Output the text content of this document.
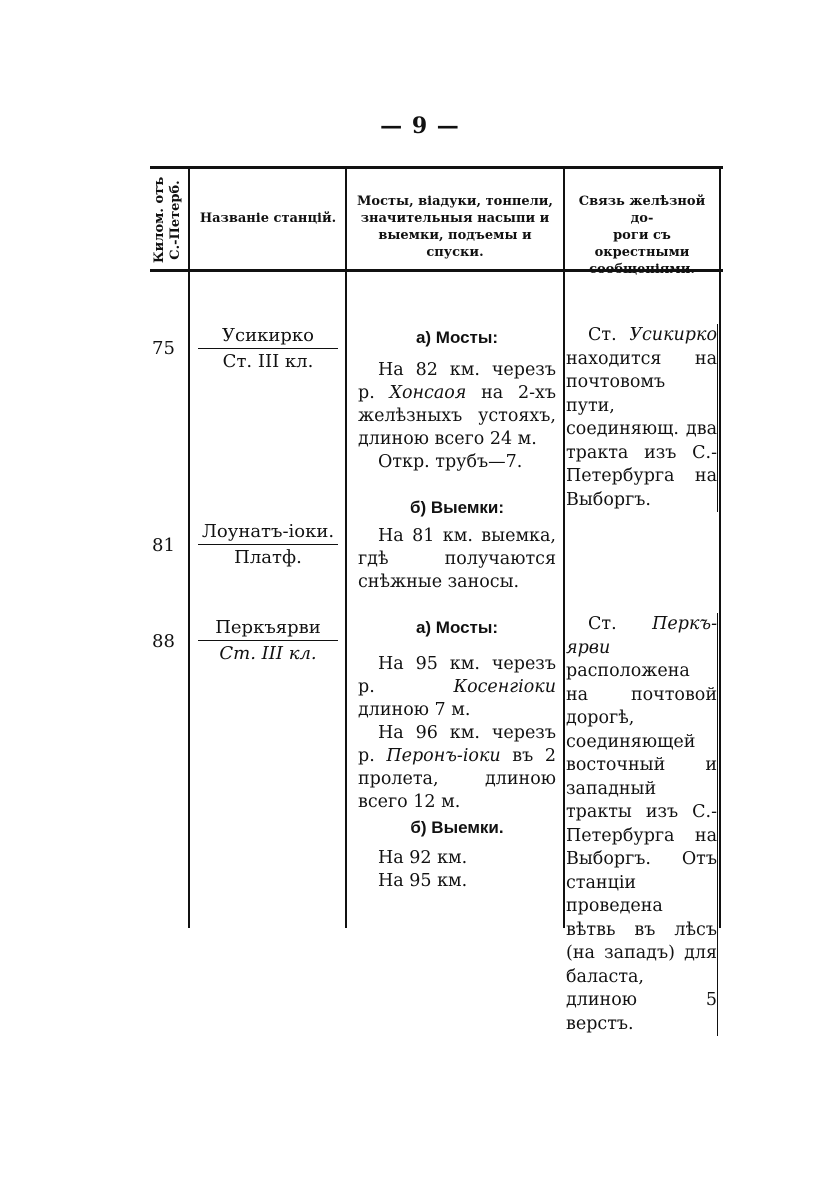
— 9 —
Килом. отъ С.-Петерб.	Названіе станцій.
Мосты, віадуки, тонпели,
значительныя насыпи и
выемки, подъемы и спуски.
Связь желѣзной до-
роги съ окрестными
сообщеніями.
75
Усикирко
Ст. III кл.
а) Мосты:
На 82 км. черезъ р. Хонсаоя на 2-хъ желѣзныхъ устояхъ, длиною всего 24 м.
Откр. трубъ—7.
б) Выемки:
Ст. Усикирко находится на почтовомъ пути, соединяющ. два тракта изъ С.-Петербурга на Выборгъ.
81
Лоунатъ-іоки.
Платф.
На 81 км. выемка, гдѣ получаются снѣжные заносы.
88
Перкъярви
Ст. III кл.
а) Мосты:
На 95 км. черезъ р.	Косенгіоки длиною 7 м.
На 96 км. черезъ р. Перонъ-іоки въ 2 пролета, длиною всего 12 м.
б) Выемки.
На 92 км.
На 95 км.
Ст. Перкъ-ярви расположена на почтовой дорогѣ, соединяющей восточный и западный тракты изъ С.-Петербурга на Выборгъ. Отъ станціи проведена вѣтвь въ лѣсъ (на западъ) для баласта, длиною 5 верстъ.
